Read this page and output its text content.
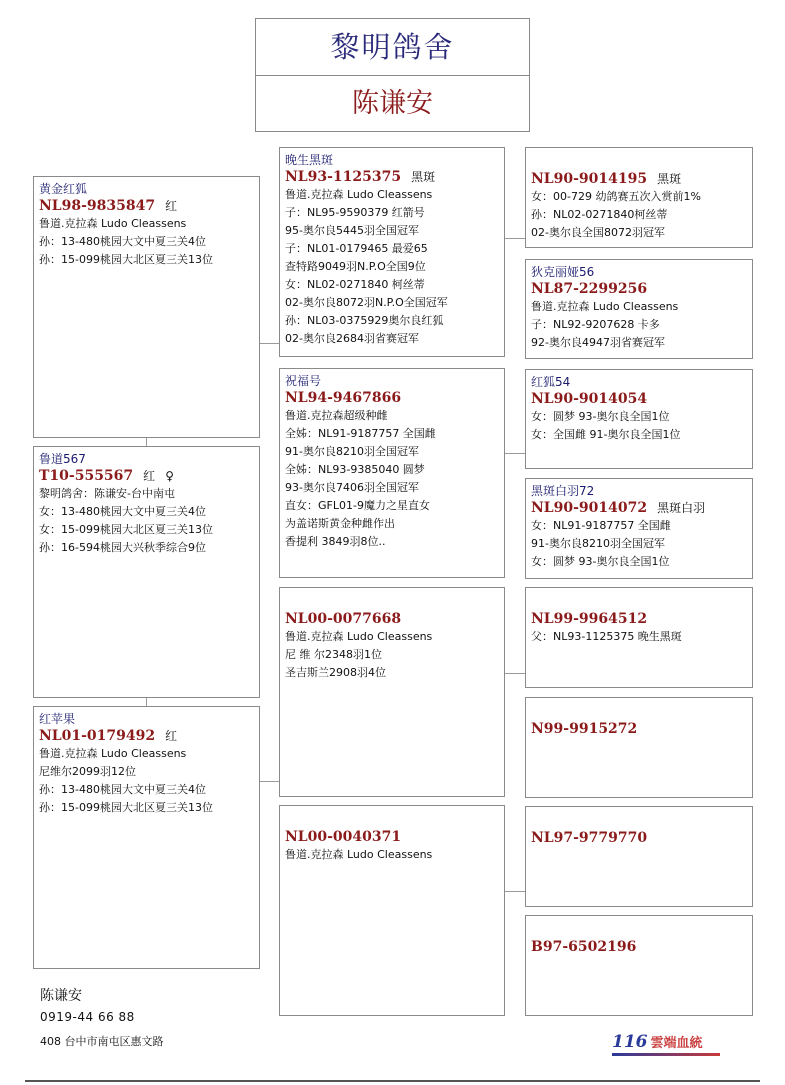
黎明鸽舍
陈谦安
黄金红狐
NL98-9835847 红
鲁道.克拉森 Ludo Cleassens
孙：13-480桃园大文中夏三关4位
孙：15-099桃园大北区夏三关13位
鲁道567
T10-555567 红 ♀
黎明鸽舍：陈谦安-台中南屯
女：13-480桃园大文中夏三关4位
女：15-099桃园大北区夏三关13位
孙：16-594桃园大兴秋季综合9位
红苹果
NL01-0179492 红
鲁道.克拉森 Ludo Cleassens
尼维尔2099羽12位
孙：13-480桃园大文中夏三关4位
孙：15-099桃园大北区夏三关13位
晚生黑斑
NL93-1125375 黑斑
鲁道.克拉森 Ludo Cleassens
子：NL95-9590379 红箭号
95-奥尔良5445羽全国冠军
子：NL01-0179465 最爱65
查特路9049羽N.P.O全国9位
女：NL02-0271840 柯丝蒂
02-奥尔良8072羽N.P.O全国冠军
孙：NL03-0375929奥尔良红狐
02-奥尔良2684羽省赛冠军
祝福号
NL94-9467866
鲁道.克拉森超级种雌
全姊：NL91-9187757 全国雌
91-奥尔良8210羽全国冠军
全姊：NL93-9385040 圆梦
93-奥尔良7406羽全国冠军
直女：GFL01-9魔力之星直女
为盖诺斯黄金种雌作出
香提利 3849羽8位..
NL00-0077668
鲁道.克拉森 Ludo Cleassens
尼 维 尔2348羽1位
圣吉斯兰2908羽4位
NL00-0040371
鲁道.克拉森 Ludo Cleassens
NL90-9014195 黑斑
女：00-729 幼鸽赛五次入赏前1%
孙：NL02-0271840柯丝蒂
02-奥尔良全国8072羽冠军
狄克丽娅56
NL87-2299256
鲁道.克拉森 Ludo Cleassens
子：NL92-9207628 卡多
92-奥尔良4947羽省赛冠军
红狐54
NL90-9014054
女：圆梦 93-奥尔良全国1位
女：全国雌 91-奥尔良全国1位
黑斑白羽72
NL90-9014072 黑斑白羽
女：NL91-9187757 全国雌
91-奥尔良8210羽全国冠军
女：圆梦 93-奥尔良全国1位
NL99-9964512
父：NL93-1125375 晚生黑斑
N99-9915272
NL97-9779770
B97-6502196
陈谦安
0919-44 66 88
408 台中市南屯区惠文路	116 雲端血統
